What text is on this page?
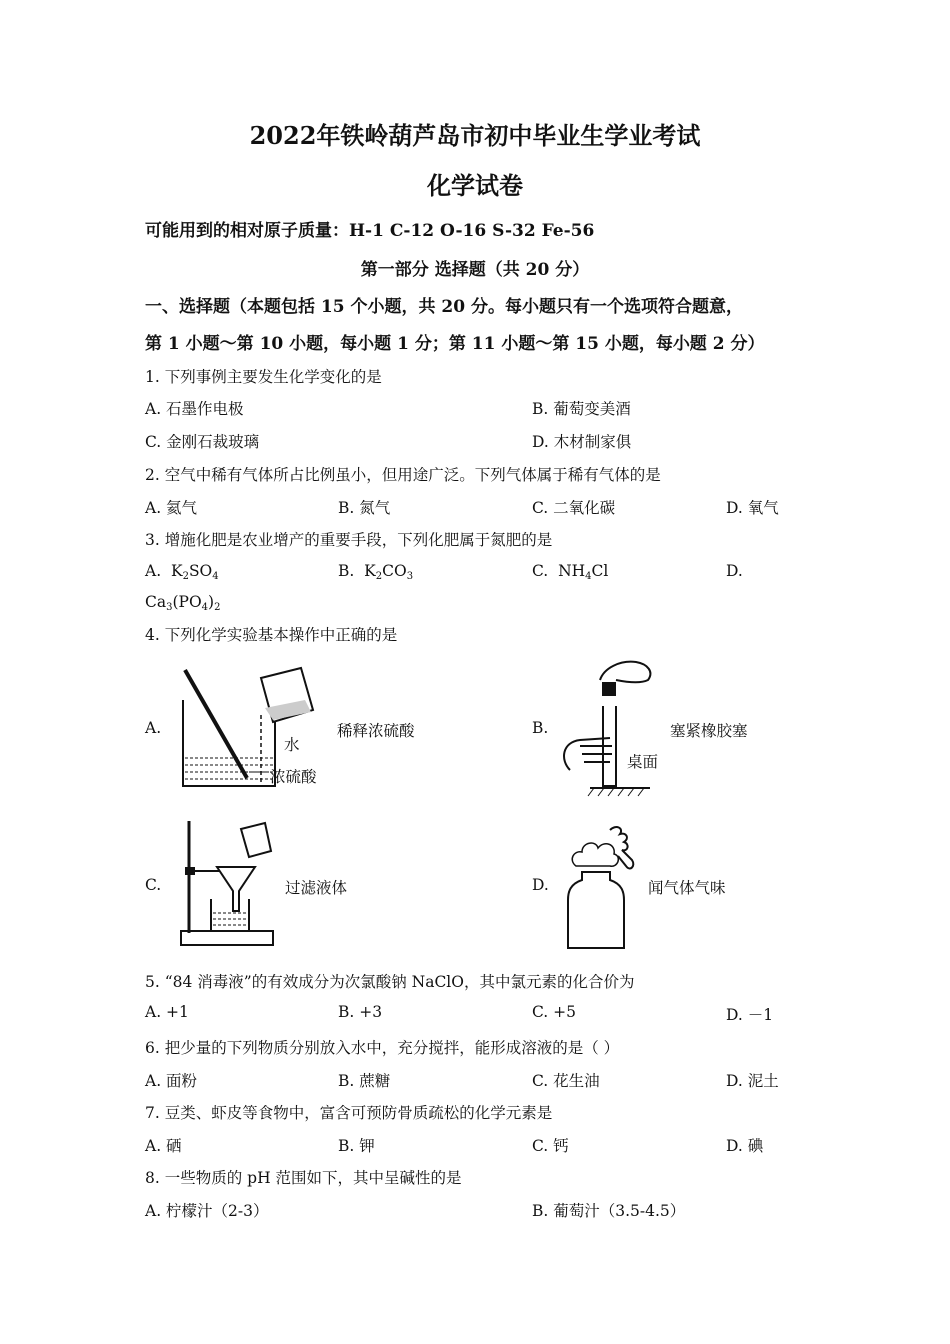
2022年铁岭葫芦岛市初中毕业生学业考试
化学试卷
可能用到的相对原子质量：H-1 C-12 O-16 S-32 Fe-56
第一部分 选择题（共 20 分）
一、选择题（本题包括 15 个小题，共 20 分。每小题只有一个选项符合题意，
第 1 小题～第 10 小题，每小题 1 分；第 11 小题～第 15 小题，每小题 2 分）
1. 下列事例主要发生化学变化的是
A. 石墨作电极	B. 葡萄变美酒
C. 金刚石裁玻璃	D. 木材制家俱
2. 空气中稀有气体所占比例虽小，但用途广泛。下列气体属于稀有气体的是
A. 氦气	B. 氮气	C. 二氧化碳	D. 氧气
3. 增施化肥是农业增产的重要手段，下列化肥属于氮肥的是
A.  $K_2SO_4$	B.  $K_2CO_3$	C.  $NH_4Cl$	D.
$Ca_3(PO_4)_2$
4. 下列化学实验基本操作中正确的是
A.
水
浓硫酸
稀释浓硫酸	B.
桌面
塞紧橡胶塞
C.	过滤液体	D.	闻气体气味
5. “84 消毒液”的有效成分为次氯酸钠 NaClO，其中氯元素的化合价为
A. +1	B. +3	C. +5	D. －1
6. 把少量的下列物质分别放入水中，充分搅拌，能形成溶液的是（ ）
A. 面粉	B. 蔗糖	C. 花生油	D. 泥土
7. 豆类、虾皮等食物中，富含可预防骨质疏松的化学元素是
A. 硒	B. 钾	C. 钙	D. 碘
8. 一些物质的 pH 范围如下，其中呈碱性的是
A. 柠檬汁（2-3）	B. 葡萄汁（3.5-4.5）
